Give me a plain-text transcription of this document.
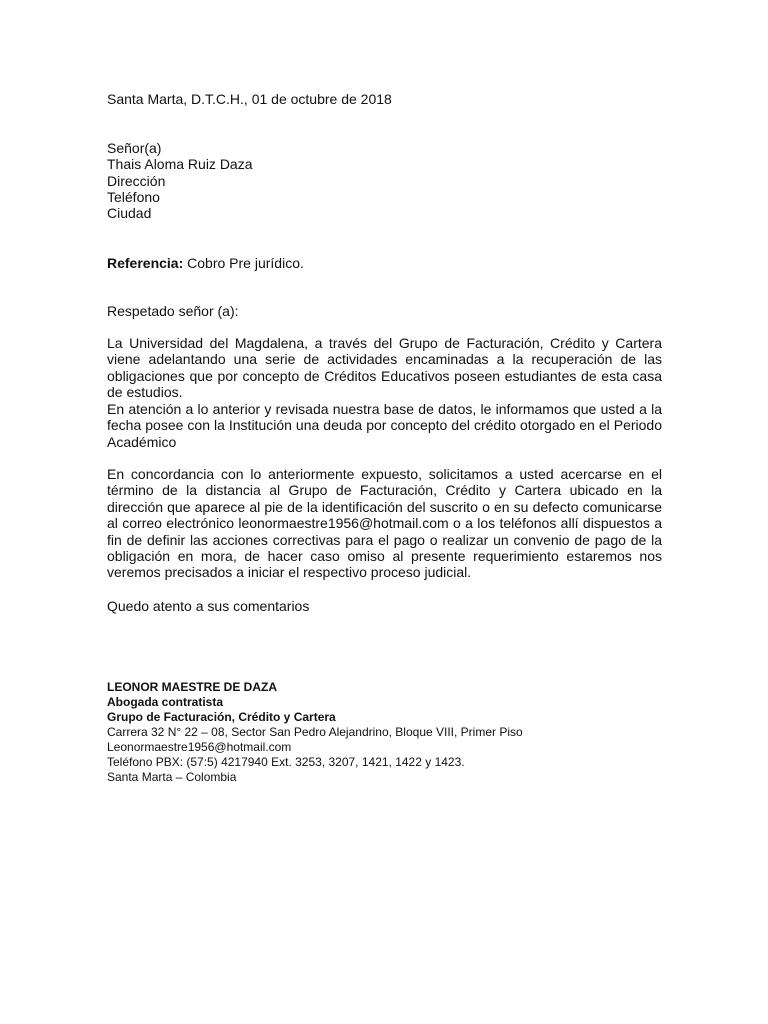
Santa Marta, D.T.C.H., 01 de octubre de 2018

Señor(a)

Thais Aloma Ruiz Daza

Dirección

Teléfono

Ciudad

Referencia: Cobro Pre jurídico.

Respetado señor (a):

La Universidad del Magdalena, a través del Grupo de Facturación, Crédito y Cartera viene adelantando una serie de actividades encaminadas a la recuperación de las obligaciones que por concepto de Créditos Educativos poseen estudiantes de esta casa de estudios.

En atención a lo anterior y revisada nuestra base de datos, le informamos que usted a la fecha posee con la Institución una deuda por concepto del crédito otorgado en el Periodo Académico

En concordancia con lo anteriormente expuesto, solicitamos a usted acercarse en el término de la distancia al Grupo de Facturación, Crédito y Cartera ubicado en la dirección que aparece al pie de la identificación del suscrito o en su defecto comunicarse al correo electrónico leonormaestre1956@hotmail.com o a los teléfonos allí dispuestos a fin de definir las acciones correctivas para el pago o realizar un convenio de pago de la obligación en mora, de hacer caso omiso al presente requerimiento estaremos nos veremos precisados a iniciar el respectivo proceso judicial.

Quedo atento a sus comentarios

LEONOR MAESTRE DE DAZA

Abogada contratista

Grupo de Facturación, Crédito y Cartera

Carrera 32 N° 22 – 08, Sector San Pedro Alejandrino, Bloque VIII, Primer Piso

Leonormaestre1956@hotmail.com

Teléfono PBX: (57:5) 4217940 Ext. 3253, 3207, 1421, 1422 y 1423.

Santa Marta – Colombia
